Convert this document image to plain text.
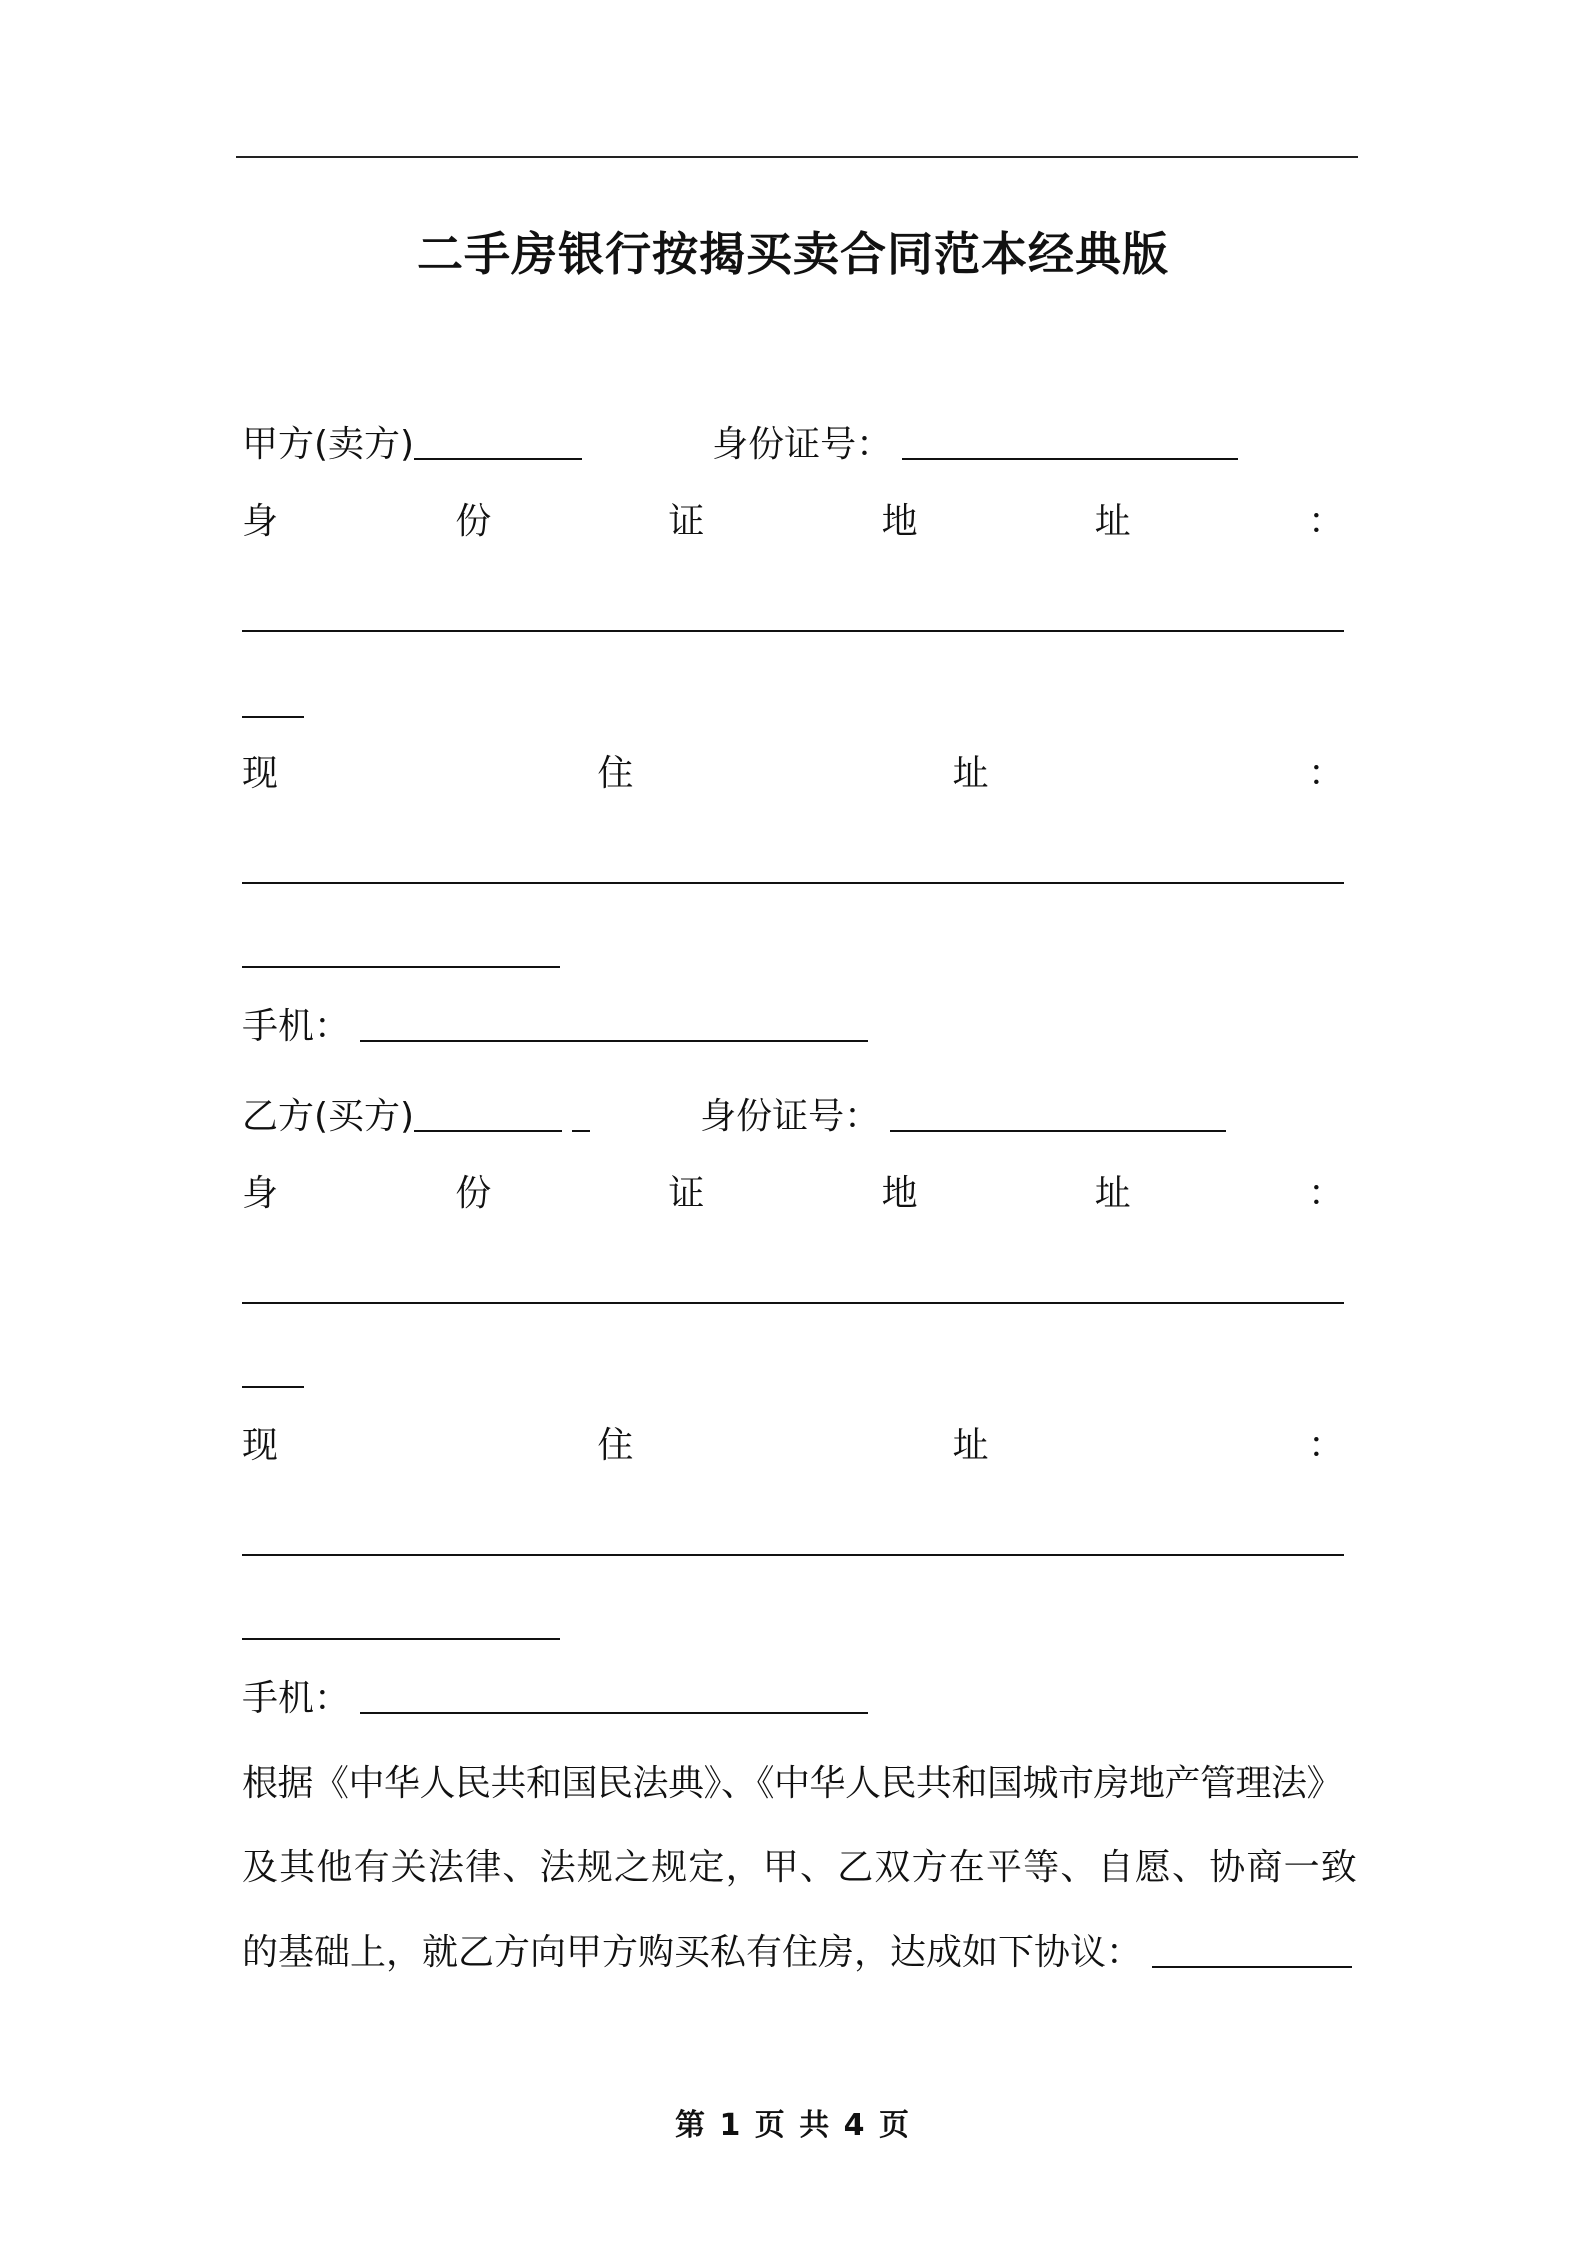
二手房银行按揭买卖合同范本经典版
甲方(卖方)	身份证号：
身	份	证	地	址	：
现	住	址	：
手机：
乙方(买方)	身份证号：
身	份	证	地	址	：
现	住	址	：
手机：
根据《中华人民共和国民法典》、《中华人民共和国城市房地产管理法》
及其他有关法律、法规之规定，甲、乙双方在平等、自愿、协商一致
的基础上，就乙方向甲方购买私有住房，达成如下协议：
第 1 页 共 4 页
